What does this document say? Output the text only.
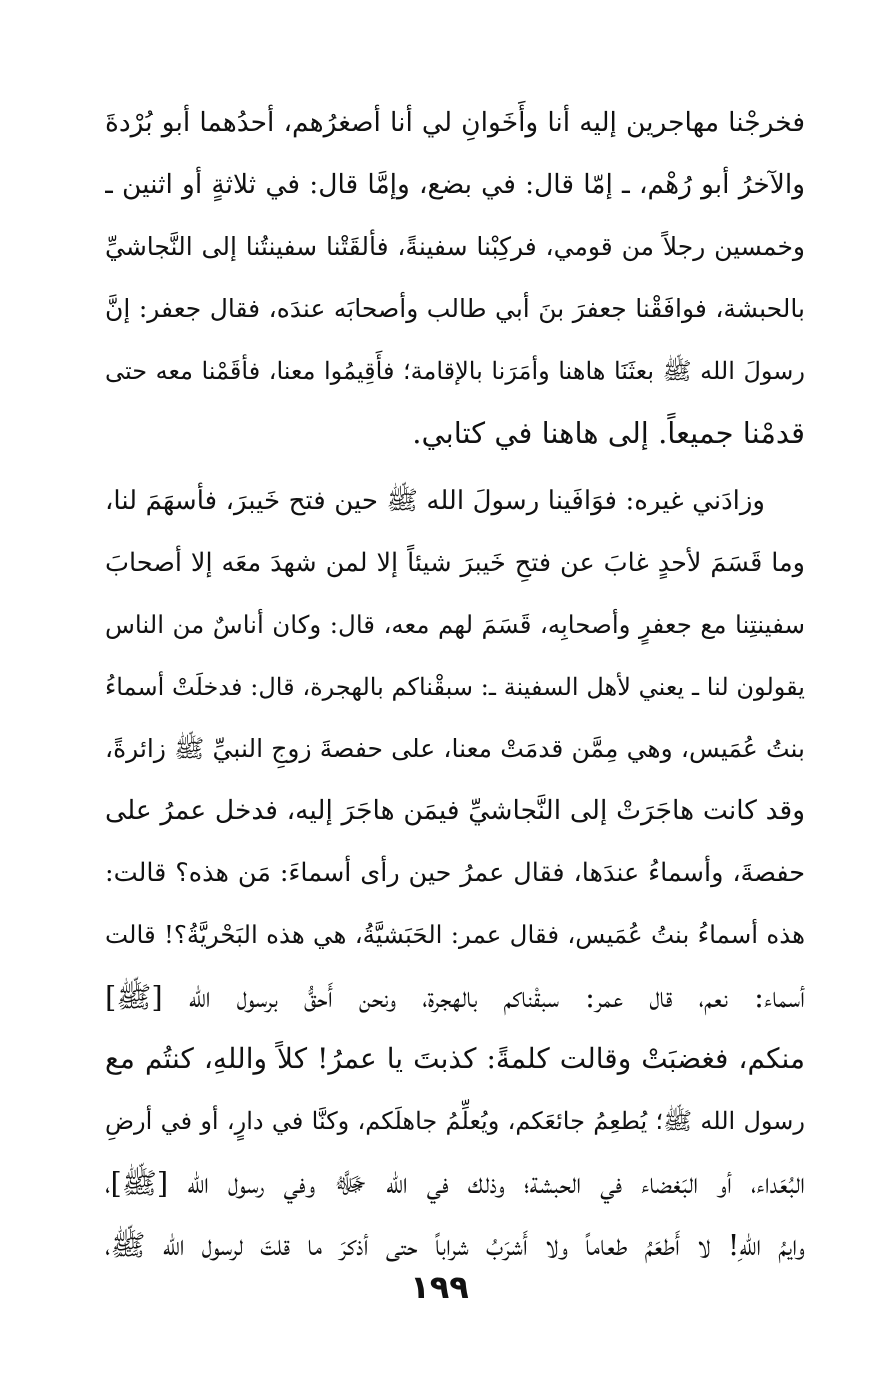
فخرجْنا مهاجرين إليه أنا وأَخَوانِ لي أنا أصغرُهم، أحدُهما أبو بُرْدةَ
والآخرُ أبو رُهْم، ـ إمّا قال: في بضع، وإمَّا قال: في ثلاثةٍ أو اثنين ـ
وخمسين رجلاً من قومي، فركِبْنا سفينةً، فألقَتْنا سفينتُنا إلى النَّجاشيِّ
بالحبشة، فوافَقْنا جعفرَ بنَ أبي طالب وأصحابَه عندَه، فقال جعفر: إنَّ
رسولَ الله ﷺ بعثَنَا هاهنا وأمَرَنا بالإقامة؛ فأَقِيمُوا معنا، فأقَمْنا معه حتى
قدمْنا جميعاً. إلى هاهنا في كتابي.

وزادَني غيره: فوَافَينا رسولَ الله ﷺ حين فتح خَيبرَ، فأسهَمَ لنا،
وما قَسَمَ لأحدٍ غابَ عن فتحِ خَيبرَ شيئاً إلا لمن شهدَ معَه إلا أصحابَ
سفينتِنا مع جعفرٍ وأصحابِه، قَسَمَ لهم معه، قال: وكان أناسٌ من الناس
يقولون لنا ـ يعني لأهل السفينة ـ: سبقْناكم بالهجرة، قال: فدخلَتْ أسماءُ
بنتُ عُمَيس، وهي مِمَّن قدمَتْ معنا، على حفصةَ زوجِ النبيِّ ﷺ زائرةً،
وقد كانت هاجَرَتْ إلى النَّجاشيِّ فيمَن هاجَرَ إليه، فدخل عمرُ على
حفصةَ، وأسماءُ عندَها، فقال عمرُ حين رأى أسماءَ: مَن هذه؟ قالت:
هذه أسماءُ بنتُ عُمَيس، فقال عمر: الحَبَشيَّةُ، هي هذه البَحْريَّةُ؟! قالت
أسماء: نعم، قال عمر: سبقْناكم بالهجرة، ونحن أَحقُّ برسول الله [ﷺ]
منكم، فغضبَتْ وقالت كلمةً: كذبتَ يا عمرُ! كلاً واللهِ، كنتُم مع
رسول الله ﷺ؛ يُطعِمُ جائعَكم، ويُعلِّمُ جاهلَكم، وكنَّا في دارٍ، أو في أرضِ
البُعَداء، أو البَغضاء في الحبشة؛ وذلك في الله ﷻ وفي رسول الله [ﷺ]،
وايمُ اللهِ! لا أَطعَمُ طعاماً ولا أَشرَبُ شراباً حتى أذكرَ ما قلتَ لرسول الله ﷺ،

١٩٩
